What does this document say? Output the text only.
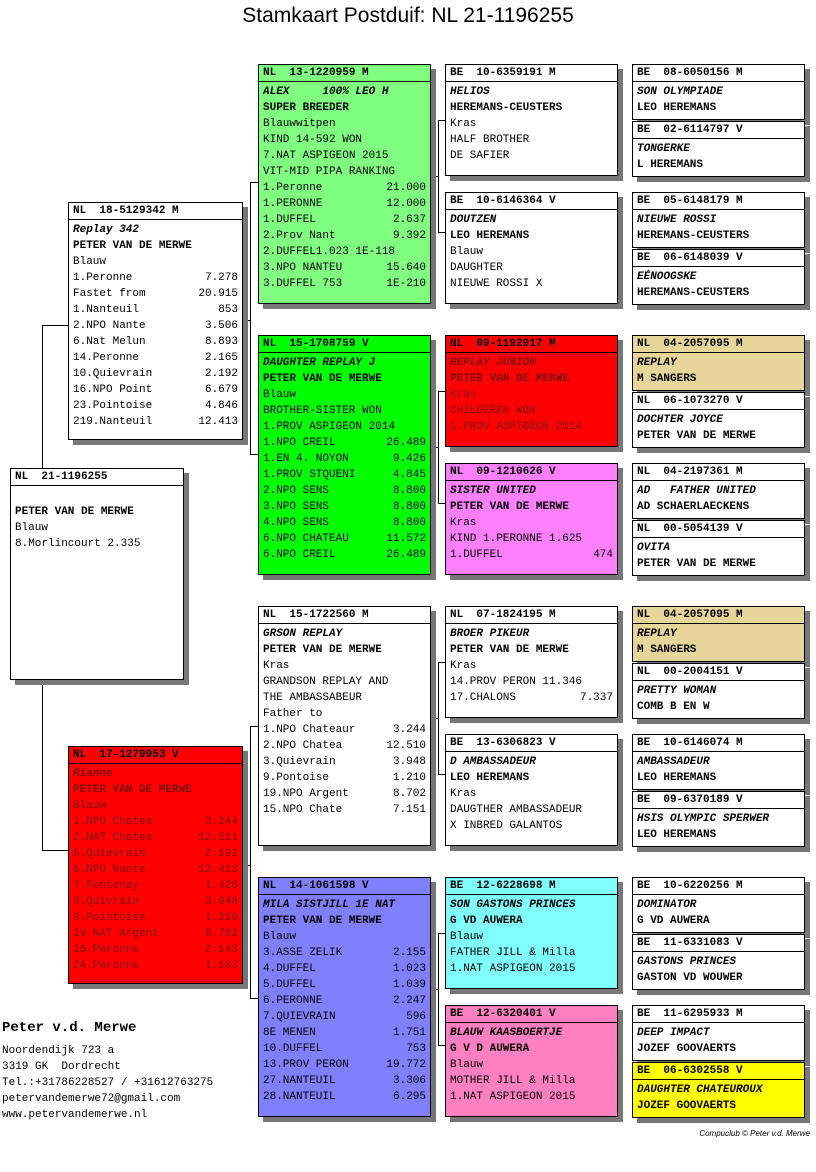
Stamkaart Postduif: NL 21-1196255
NL  21-1196255
PETER VAN DE MERWE
Blauw
8.Morlincourt 2.335
NL  18-5129342 M
Replay 342
PETER VAN DE MERWE
Blauw
1.Peronne	7.278
Fastet from	20.915
1.Nanteuil	853
2.NPO Nante	3.506
6.Nat Melun	8.893
14.Peronne	2.165
10.Quievrain	2.192
16.NPO Point	6.679
23.Pointoise	4.846
219.Nanteuil	12.413
NL  17-1279953 V
Rianne
PETER VAN DE MERWE
Blauw
1.NPO Chatea	3.244
2.NAT Chatea	12.511
5.Quievrain	2.192
6.NPO Nante	12.413
7.Fontenay	1.426
9.Quivrain	3.948
9.Pointoise	1.210
19.NAT Argent	8.702
16.Peronne	2.143
24.Peronne	1.103
NL  13-1220959 M
ALEX     100% LEO H
SUPER BREEDER
Blauwwitpen
KIND 14-592 WON
7.NAT ASPIGEON 2015
VIT-MID PIPA RANKING
1.Peronne	21.000
1.PERONNE	12.000
1.DUFFEL	2.637
2.Prov Nant	9.392
2.DUFFEL1.023 1E-118
3.NPO NANTEU	15.640
3.DUFFEL 753	1E-210
NL  15-1708759 V
DAUGHTER REPLAY J
PETER VAN DE MERWE
Blauw
BROTHER-SISTER WON
1.PROV ASPIGEON 2014
1.NPO CREIL	26.489
1.EN 4. NOYON	9.426
1.PROV STQUENI	4.845
2.NPO SENS	8.800
3.NPO SENS	8.800
4.NPO SENS	8.800
6.NPO CHATEAU	11.572
6.NPO CREIL	26.489
NL  15-1722560 M
GRSON REPLAY
PETER VAN DE MERWE
Kras
GRANDSON REPLAY AND
THE AMBASSABEUR
Father to
1.NPO Chateaur	3.244
2.NPO Chatea	12.510
3.Quievrain	3.948
9.Pontoise	1.210
19.NPO Argent	8.702
15.NPO Chate	7.151
NL  14-1061598 V
MILA SISTJILL 1E NAT
PETER VAN DE MERWE
Blauw
3.ASSE ZELIK	2.155
4.DUFFEL	1.023
5.DUFFEL	1.039
6.PERONNE	2.247
7.QUIEVRAIN	596
8E MENEN	1.751
10.DUFFEL	753
13.PROV PERON	19.772
27.NANTEUIL	3.306
28.NANTEUIL	6.295
BE  10-6359191 M
HELIOS
HEREMANS-CEUSTERS
Kras
HALF BROTHER
DE SAFIER
BE  10-6146364 V
DOUTZEN
LEO HEREMANS
Blauw
DAUGHTER
NIEUWE ROSSI X
NL  09-1192917 M
REPLAY JUNIOR
PETER VAN DE MERWE
Kras
CHILDEREN WON
1.PROV ASPIGEON 2014
NL  09-1210626 V
SISTER UNITED
PETER VAN DE MERWE
Kras
KIND 1.PERONNE 1.625
1.DUFFEL	474
NL  07-1824195 M
BROER PIKEUR
PETER VAN DE MERWE
Kras
14.PROV PERON 11.346
17.CHALONS	7.337
BE  13-6306823 V
D AMBASSADEUR
LEO HEREMANS
Kras
DAUGTHER AMBASSADEUR
X INBRED GALANTOS
BE  12-6228698 M
SON GASTONS PRINCES
G VD AUWERA
Blauw
FATHER JILL & Milla
1.NAT ASPIGEON 2015
BE  12-6320401 V
BLAUW KAASBOERTJE
G V D AUWERA
Blauw
MOTHER JILL & Milla
1.NAT ASPIGEON 2015
BE  08-6050156 M
SON OLYMPIADE
LEO HEREMANS
BE  02-6114797 V
TONGERKE
L HEREMANS
BE  05-6148179 M
NIEUWE ROSSI
HEREMANS-CEUSTERS
BE  06-6148039 V
EÉNOOGSKE
HEREMANS-CEUSTERS
NL  04-2057095 M
REPLAY
M SANGERS
NL  06-1073270 V
DOCHTER JOYCE
PETER VAN DE MERWE
NL  04-2197361 M
AD   FATHER UNITED
AD SCHAERLAECKENS
NL  00-5054139 V
OVITA
PETER VAN DE MERWE
NL  04-2057095 M
REPLAY
M SANGERS
NL  00-2004151 V
PRETTY WOMAN
COMB B EN W
BE  10-6146074 M
AMBASSADEUR
LEO HEREMANS
BE  09-6370189 V
HSIS OLYMPIC SPERWER
LEO HEREMANS
BE  10-6220256 M
DOMINATOR
G VD AUWERA
BE  11-6331083 V
GASTONS PRINCES
GASTON VD WOUWER
BE  11-6295933 M
DEEP IMPACT
JOZEF GOOVAERTS
BE  06-6302558 V
DAUGHTER CHATEUROUX
JOZEF GOOVAERTS
Peter v.d. Merwe
Noordendijk 723 a
3319 GK  Dordrecht
Tel.:+31786228527 / +31612763275
petervandemerwe72@gmail.com
www.petervandemerwe.nl
Compuclub © Peter v.d. Merwe
